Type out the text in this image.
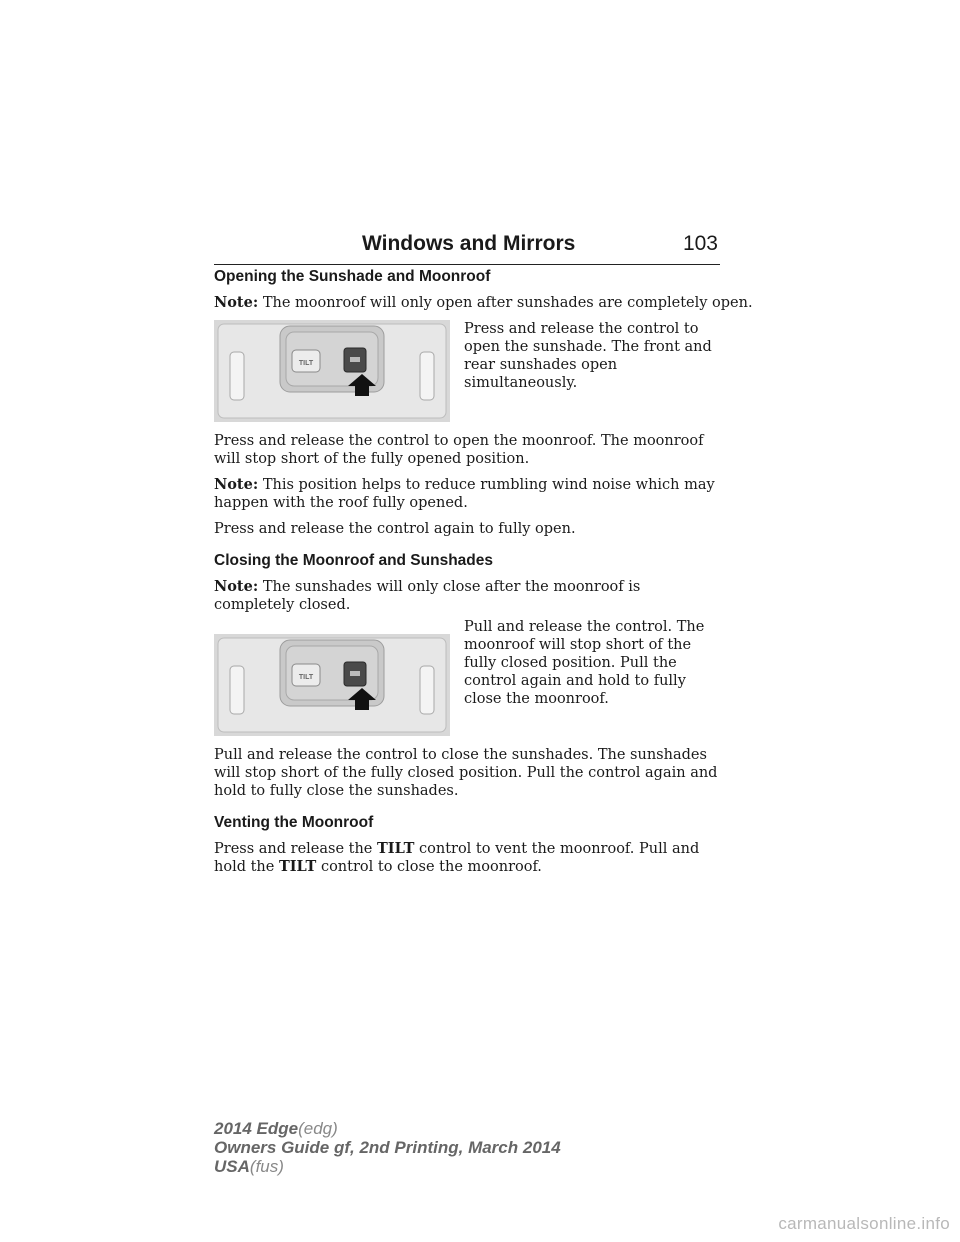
Windows and Mirrors	103
Opening the Sunshade and Moonroof

Note: The moonroof will only open after sunshades are completely open.

TILT
Press and release the control to open the sunshade. The front and rear sunshades open simultaneously.

Press and release the control to open the moonroof. The moonroof will stop short of the fully opened position.

Note: This position helps to reduce rumbling wind noise which may happen with the roof fully opened.

Press and release the control again to fully open.

Closing the Moonroof and Sunshades

Note: The sunshades will only close after the moonroof is completely closed.

TILT
Pull and release the control. The moonroof will stop short of the fully closed position. Pull the control again and hold to fully close the moonroof.

Pull and release the control to close the sunshades. The sunshades will stop short of the fully closed position. Pull the control again and hold to fully close the sunshades.

Venting the Moonroof

Press and release the TILT control to vent the moonroof. Pull and hold the TILT control to close the moonroof.

2014 Edge(edg)
Owners Guide gf, 2nd Printing, March 2014
USA(fus)
carmanualsonline.info
